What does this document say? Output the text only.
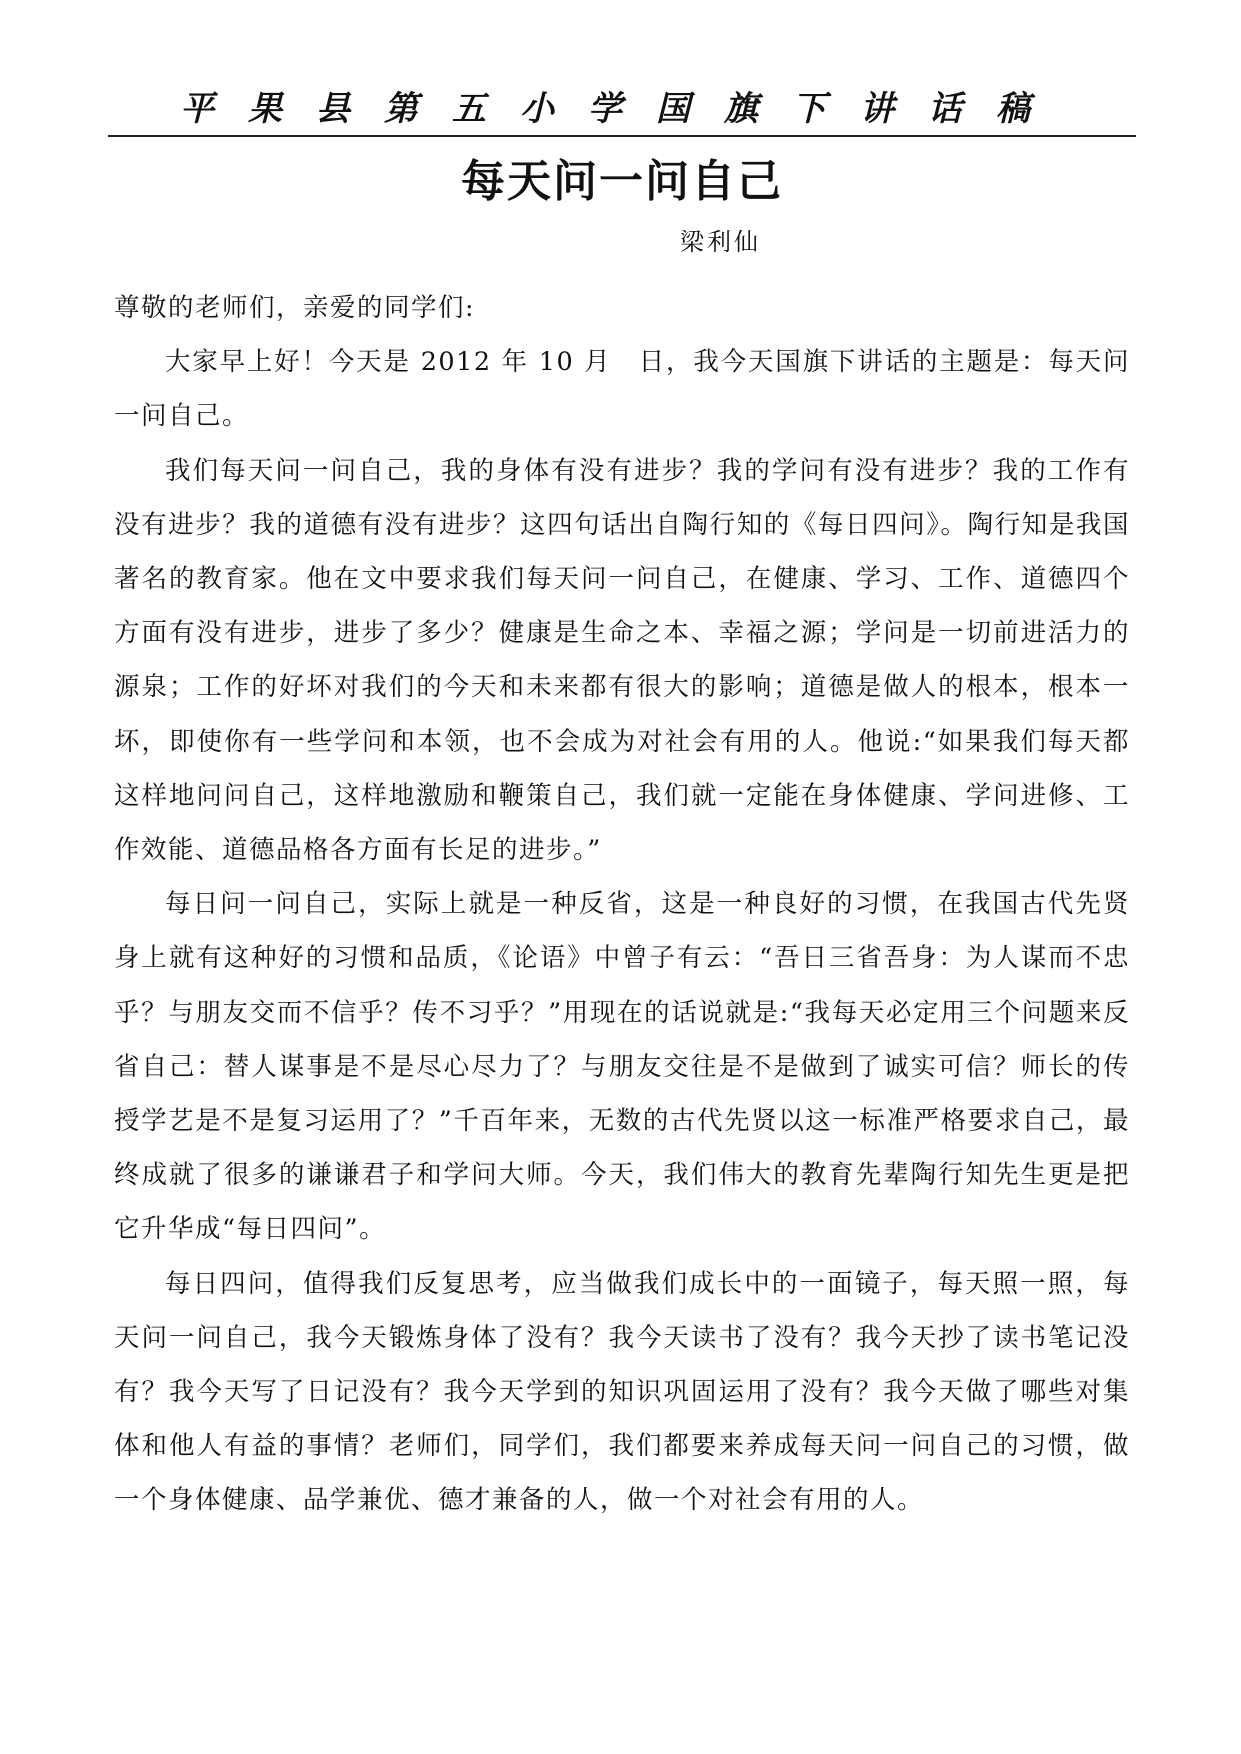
平果县第五小学国旗下讲话稿
每天问一问自己
梁利仙

尊敬的老师们，亲爱的同学们:

大家早上好！今天是 2012 年 10 月　日，我今天国旗下讲话的主题是：每天问一问自己。

我们每天问一问自己，我的身体有没有进步？我的学问有没有进步？我的工作有没有进步？我的道德有没有进步？这四句话出自陶行知的《每日四问》。陶行知是我国著名的教育家。他在文中要求我们每天问一问自己，在健康、学习、工作、道德四个方面有没有进步，进步了多少？健康是生命之本、幸福之源；学问是一切前进活力的源泉；工作的好坏对我们的今天和未来都有很大的影响；道德是做人的根本，根本一坏，即使你有一些学问和本领，也不会成为对社会有用的人。他说:“如果我们每天都这样地问问自己，这样地激励和鞭策自己，我们就一定能在身体健康、学问进修、工作效能、道德品格各方面有长足的进步。”

每日问一问自己，实际上就是一种反省，这是一种良好的习惯，在我国古代先贤身上就有这种好的习惯和品质，《论语》中曾子有云：“吾日三省吾身：为人谋而不忠乎？与朋友交而不信乎？传不习乎？”用现在的话说就是:“我每天必定用三个问题来反省自己：替人谋事是不是尽心尽力了？与朋友交往是不是做到了诚实可信？师长的传授学艺是不是复习运用了？”千百年来，无数的古代先贤以这一标准严格要求自己，最终成就了很多的谦谦君子和学问大师。今天，我们伟大的教育先辈陶行知先生更是把它升华成“每日四问”。

每日四问，值得我们反复思考，应当做我们成长中的一面镜子，每天照一照，每天问一问自己，我今天锻炼身体了没有？我今天读书了没有？我今天抄了读书笔记没有？我今天写了日记没有？我今天学到的知识巩固运用了没有？我今天做了哪些对集体和他人有益的事情？老师们，同学们，我们都要来养成每天问一问自己的习惯，做一个身体健康、品学兼优、德才兼备的人，做一个对社会有用的人。
